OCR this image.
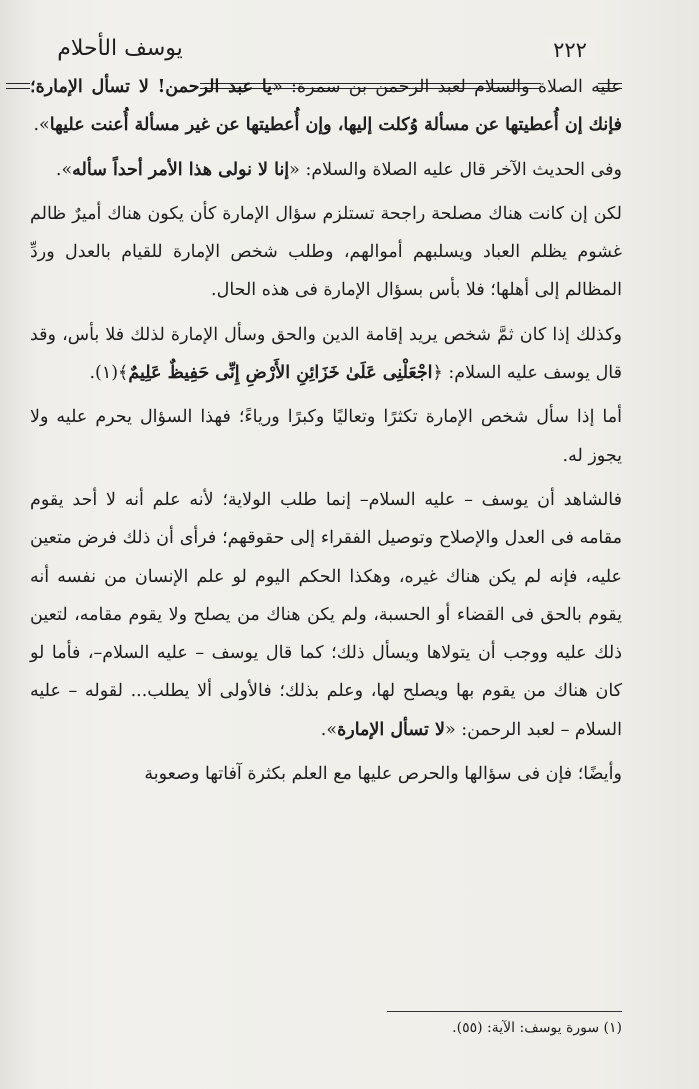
٢٢٢
يوسف الأحلام

عليه الصلاة والسلام لعبد الرحمن بن سمرة: «يا عبد الرحمن! لا تسأل الإمارة؛ فإنك إن أُعطيتها عن مسألة وُكلت إليها، وإن أُعطيتها عن غير مسألة أُعنت عليها».

وفى الحديث الآخر قال عليه الصلاة والسلام: «إنا لا نولى هذا الأمر أحداً سأله».

لكن إن كانت هناك مصلحة راجحة تستلزم سؤال الإمارة كأن يكون هناك أميرٌ ظالم غشوم يظلم العباد ويسلبهم أموالهم، وطلب شخص الإمارة للقيام بالعدل وردِّ المظالم إلى أهلها؛ فلا بأس بسؤال الإمارة فى هذه الحال.

وكذلك إذا كان ثمَّ شخص يريد إقامة الدين والحق وسأل الإمارة لذلك فلا بأس، وقد قال يوسف عليه السلام: ﴿اجْعَلْنِى عَلَىٰ خَزَائِنِ الأَرْضِ إِنِّى حَفِيظٌ عَلِيمٌ﴾(١).

أما إذا سأل شخص الإمارة تكثرًا وتعاليًا وكبرًا ورياءً؛ فهذا السؤال يحرم عليه ولا يجوز له.

فالشاهد أن يوسف – عليه السلام– إنما طلب الولاية؛ لأنه علم أنه لا أحد يقوم مقامه فى العدل والإصلاح وتوصيل الفقراء إلى حقوقهم؛ فرأى أن ذلك فرض متعين عليه، فإنه لم يكن هناك غيره، وهكذا الحكم اليوم لو علم الإنسان من نفسه أنه يقوم بالحق فى القضاء أو الحسبة، ولم يكن هناك من يصلح ولا يقوم مقامه، لتعين ذلك عليه ووجب أن يتولاها ويسأل ذلك؛ كما قال يوسف – عليه السلام–، فأما لو كان هناك من يقوم بها ويصلح لها، وعلم بذلك؛ فالأولى ألا يطلب... لقوله – عليه السلام – لعبد الرحمن: «لا تسأل الإمارة».

وأيضًا؛ فإن فى سؤالها والحرص عليها مع العلم بكثرة آفاتها وصعوبة

(١) سورة يوسف: الآية: (٥٥).
